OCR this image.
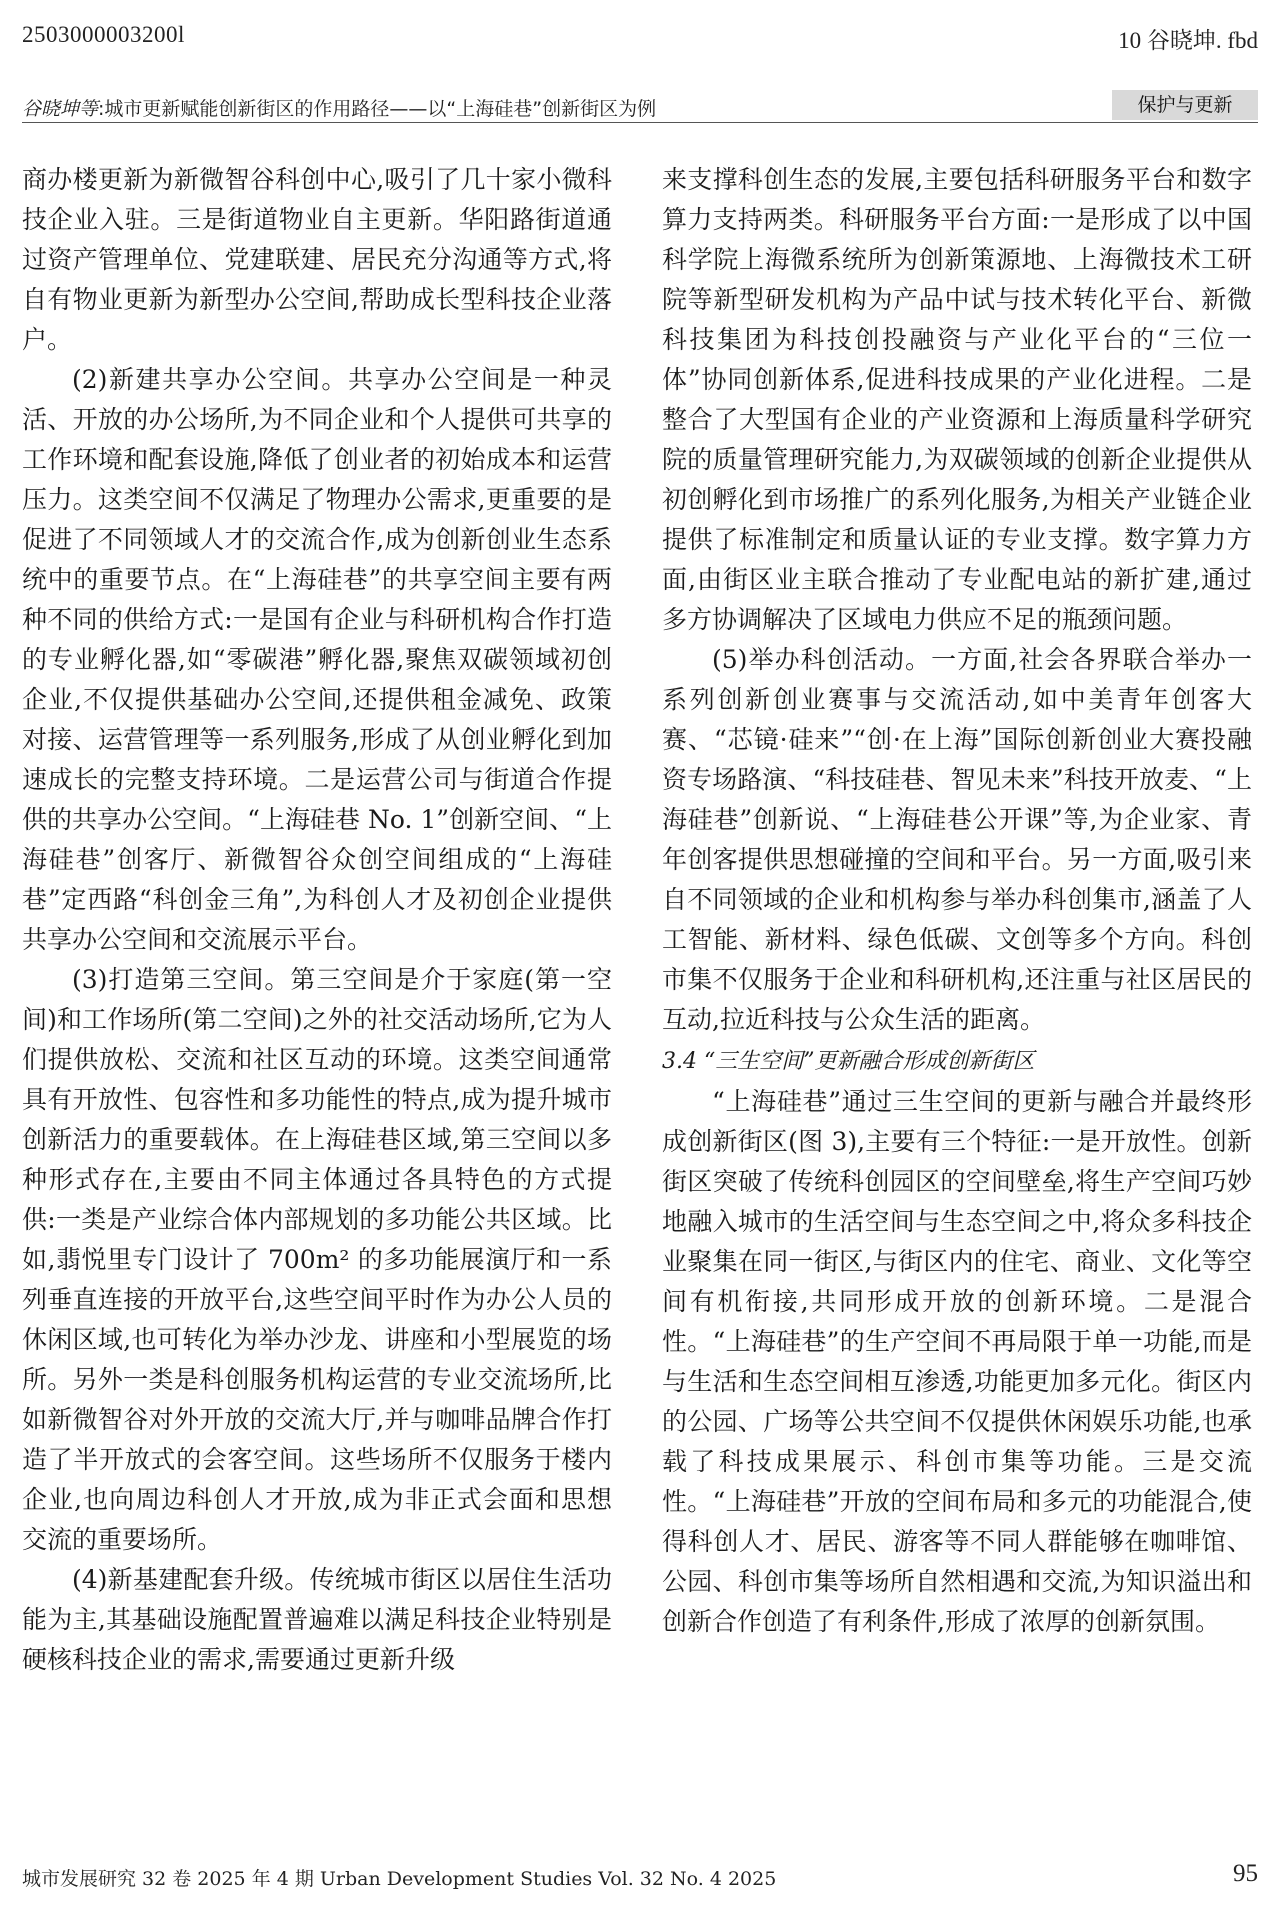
2503000003200l	10 谷晓坤. fbd
谷晓坤等:城市更新赋能创新街区的作用路径——以“上海硅巷”创新街区为例	保护与更新

商办楼更新为新微智谷科创中心,吸引了几十家小微科技企业入驻。三是街道物业自主更新。华阳路街道通过资产管理单位、党建联建、居民充分沟通等方式,将自有物业更新为新型办公空间,帮助成长型科技企业落户。

(2)新建共享办公空间。共享办公空间是一种灵活、开放的办公场所,为不同企业和个人提供可共享的工作环境和配套设施,降低了创业者的初始成本和运营压力。这类空间不仅满足了物理办公需求,更重要的是促进了不同领域人才的交流合作,成为创新创业生态系统中的重要节点。在“上海硅巷”的共享空间主要有两种不同的供给方式:一是国有企业与科研机构合作打造的专业孵化器,如“零碳港”孵化器,聚焦双碳领域初创企业,不仅提供基础办公空间,还提供租金减免、政策对接、运营管理等一系列服务,形成了从创业孵化到加速成长的完整支持环境。二是运营公司与街道合作提供的共享办公空间。“上海硅巷 No. 1”创新空间、“上海硅巷”创客厅、新微智谷众创空间组成的“上海硅巷”定西路“科创金三角”,为科创人才及初创企业提供共享办公空间和交流展示平台。

(3)打造第三空间。第三空间是介于家庭(第一空间)和工作场所(第二空间)之外的社交活动场所,它为人们提供放松、交流和社区互动的环境。这类空间通常具有开放性、包容性和多功能性的特点,成为提升城市创新活力的重要载体。在上海硅巷区域,第三空间以多种形式存在,主要由不同主体通过各具特色的方式提供:一类是产业综合体内部规划的多功能公共区域。比如,翡悦里专门设计了 700m² 的多功能展演厅和一系列垂直连接的开放平台,这些空间平时作为办公人员的休闲区域,也可转化为举办沙龙、讲座和小型展览的场所。另外一类是科创服务机构运营的专业交流场所,比如新微智谷对外开放的交流大厅,并与咖啡品牌合作打造了半开放式的会客空间。这些场所不仅服务于楼内企业,也向周边科创人才开放,成为非正式会面和思想交流的重要场所。

(4)新基建配套升级。传统城市街区以居住生活功能为主,其基础设施配置普遍难以满足科技企业特别是硬核科技企业的需求,需要通过更新升级

来支撑科创生态的发展,主要包括科研服务平台和数字算力支持两类。科研服务平台方面:一是形成了以中国科学院上海微系统所为创新策源地、上海微技术工研院等新型研发机构为产品中试与技术转化平台、新微科技集团为科技创投融资与产业化平台的“三位一体”协同创新体系,促进科技成果的产业化进程。二是整合了大型国有企业的产业资源和上海质量科学研究院的质量管理研究能力,为双碳领域的创新企业提供从初创孵化到市场推广的系列化服务,为相关产业链企业提供了标准制定和质量认证的专业支撑。数字算力方面,由街区业主联合推动了专业配电站的新扩建,通过多方协调解决了区域电力供应不足的瓶颈问题。

(5)举办科创活动。一方面,社会各界联合举办一系列创新创业赛事与交流活动,如中美青年创客大赛、“芯镜·硅来”“创·在上海”国际创新创业大赛投融资专场路演、“科技硅巷、智见未来”科技开放麦、“上海硅巷”创新说、“上海硅巷公开课”等,为企业家、青年创客提供思想碰撞的空间和平台。另一方面,吸引来自不同领域的企业和机构参与举办科创集市,涵盖了人工智能、新材料、绿色低碳、文创等多个方向。科创市集不仅服务于企业和科研机构,还注重与社区居民的互动,拉近科技与公众生活的距离。

3.4 “三生空间”更新融合形成创新街区

“上海硅巷”通过三生空间的更新与融合并最终形成创新街区(图 3),主要有三个特征:一是开放性。创新街区突破了传统科创园区的空间壁垒,将生产空间巧妙地融入城市的生活空间与生态空间之中,将众多科技企业聚集在同一街区,与街区内的住宅、商业、文化等空间有机衔接,共同形成开放的创新环境。二是混合性。“上海硅巷”的生产空间不再局限于单一功能,而是与生活和生态空间相互渗透,功能更加多元化。街区内的公园、广场等公共空间不仅提供休闲娱乐功能,也承载了科技成果展示、科创市集等功能。三是交流性。“上海硅巷”开放的空间布局和多元的功能混合,使得科创人才、居民、游客等不同人群能够在咖啡馆、公园、科创市集等场所自然相遇和交流,为知识溢出和创新合作创造了有利条件,形成了浓厚的创新氛围。

城市发展研究 32 卷 2025 年 4 期 Urban Development Studies Vol. 32 No. 4 2025	95
